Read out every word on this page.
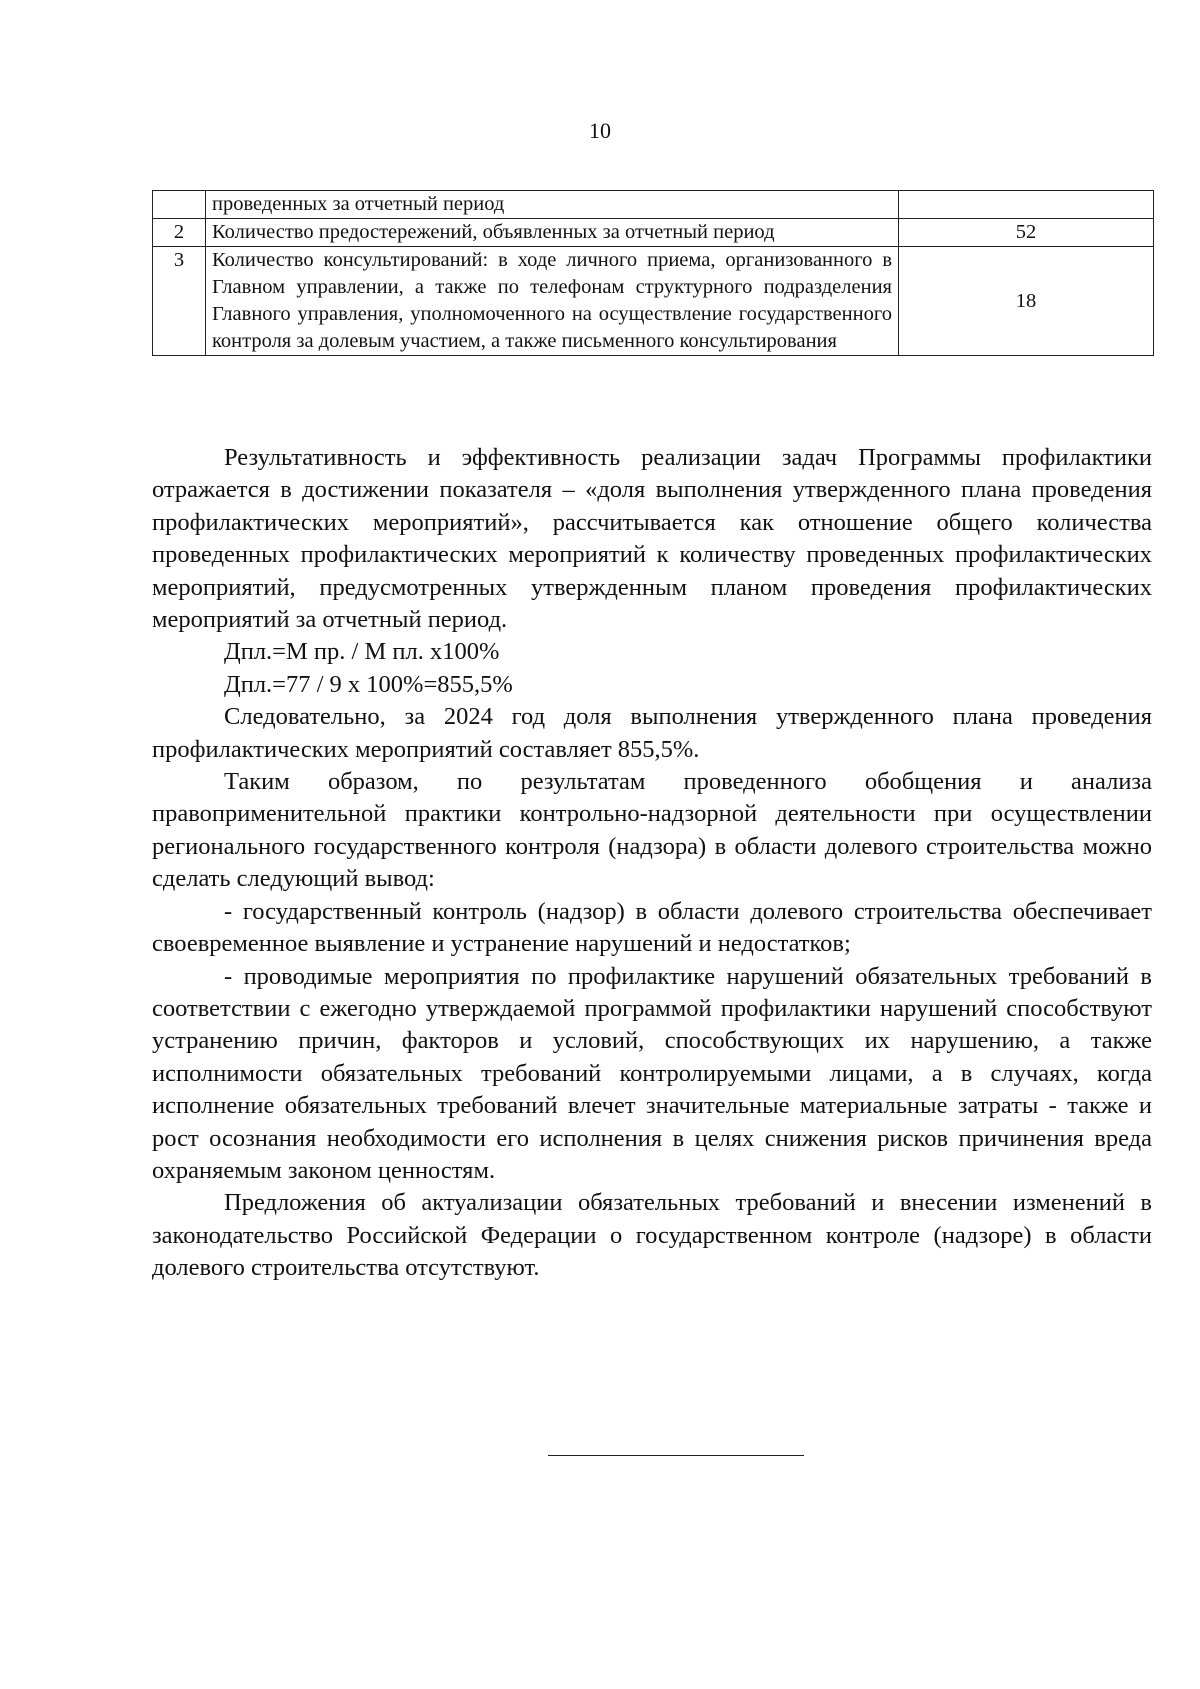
10
	проведенных за отчетный период	
2	Количество предостережений, объявленных за отчетный период	52
3	Количество консультирований: в ходе личного приема, организованного в Главном управлении, а также по телефонам структурного подразделения Главного управления, уполномоченного на осуществление государственного контроля за долевым участием, а также письменного консультирования	18

Результативность и эффективность реализации задач Программы профилактики отражается в достижении показателя – «доля выполнения утвержденного плана проведения профилактических мероприятий», рассчитывается как отношение общего количества проведенных профилактических мероприятий к количеству проведенных профилактических мероприятий, предусмотренных утвержденным планом проведения профилактических мероприятий за отчетный период.

Дпл.=М пр. / М пл. х100%

Дпл.=77 / 9 х 100%=855,5%

Следовательно, за 2024 год доля выполнения утвержденного плана проведения профилактических мероприятий составляет 855,5%.

Таким образом, по результатам проведенного обобщения и анализа правоприменительной практики контрольно-надзорной деятельности при осуществлении регионального государственного контроля (надзора) в области долевого строительства можно сделать следующий вывод:

- государственный контроль (надзор) в области долевого строительства обеспечивает своевременное выявление и устранение нарушений и недостатков;

- проводимые мероприятия по профилактике нарушений обязательных требований в соответствии с ежегодно утверждаемой программой профилактики нарушений способствуют устранению причин, факторов и условий, способствующих их нарушению, а также исполнимости обязательных требований контролируемыми лицами, а в случаях, когда исполнение обязательных требований влечет значительные материальные затраты - также и рост осознания необходимости его исполнения в целях снижения рисков причинения вреда охраняемым законом ценностям.

Предложения об актуализации обязательных требований и внесении изменений в законодательство Российской Федерации о государственном контроле (надзоре) в области долевого строительства отсутствуют.
